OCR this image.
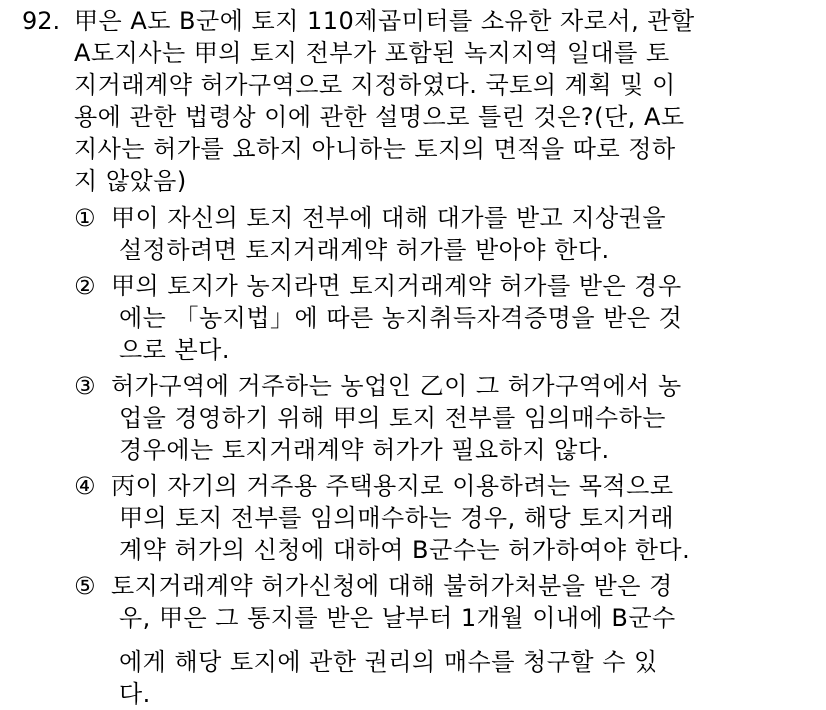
92. 甲은 A도 B군에 토지 110제곱미터를 소유한 자로서, 관할
A도지사는 甲의 토지 전부가 포함된 녹지지역 일대를 토
지거래계약 허가구역으로 지정하였다. 국토의 계획 및 이
용에 관한 법령상 이에 관한 설명으로 틀린 것은?(단, A도
지사는 허가를 요하지 아니하는 토지의 면적을 따로 정하
지 않았음)
① 甲이 자신의 토지 전부에 대해 대가를 받고 지상권을
설정하려면 토지거래계약 허가를 받아야 한다.
② 甲의 토지가 농지라면 토지거래계약 허가를 받은 경우
에는 「농지법」에 따른 농지취득자격증명을 받은 것
으로 본다.
③ 허가구역에 거주하는 농업인 乙이 그 허가구역에서 농
업을 경영하기 위해 甲의 토지 전부를 임의매수하는
경우에는 토지거래계약 허가가 필요하지 않다.
④ 丙이 자기의 거주용 주택용지로 이용하려는 목적으로
甲의 토지 전부를 임의매수하는 경우, 해당 토지거래
계약 허가의 신청에 대하여 B군수는 허가하여야 한다.
⑤ 토지거래계약 허가신청에 대해 불허가처분을 받은 경
우, 甲은 그 통지를 받은 날부터 1개월 이내에 B군수
에게 해당 토지에 관한 권리의 매수를 청구할 수 있
다.
